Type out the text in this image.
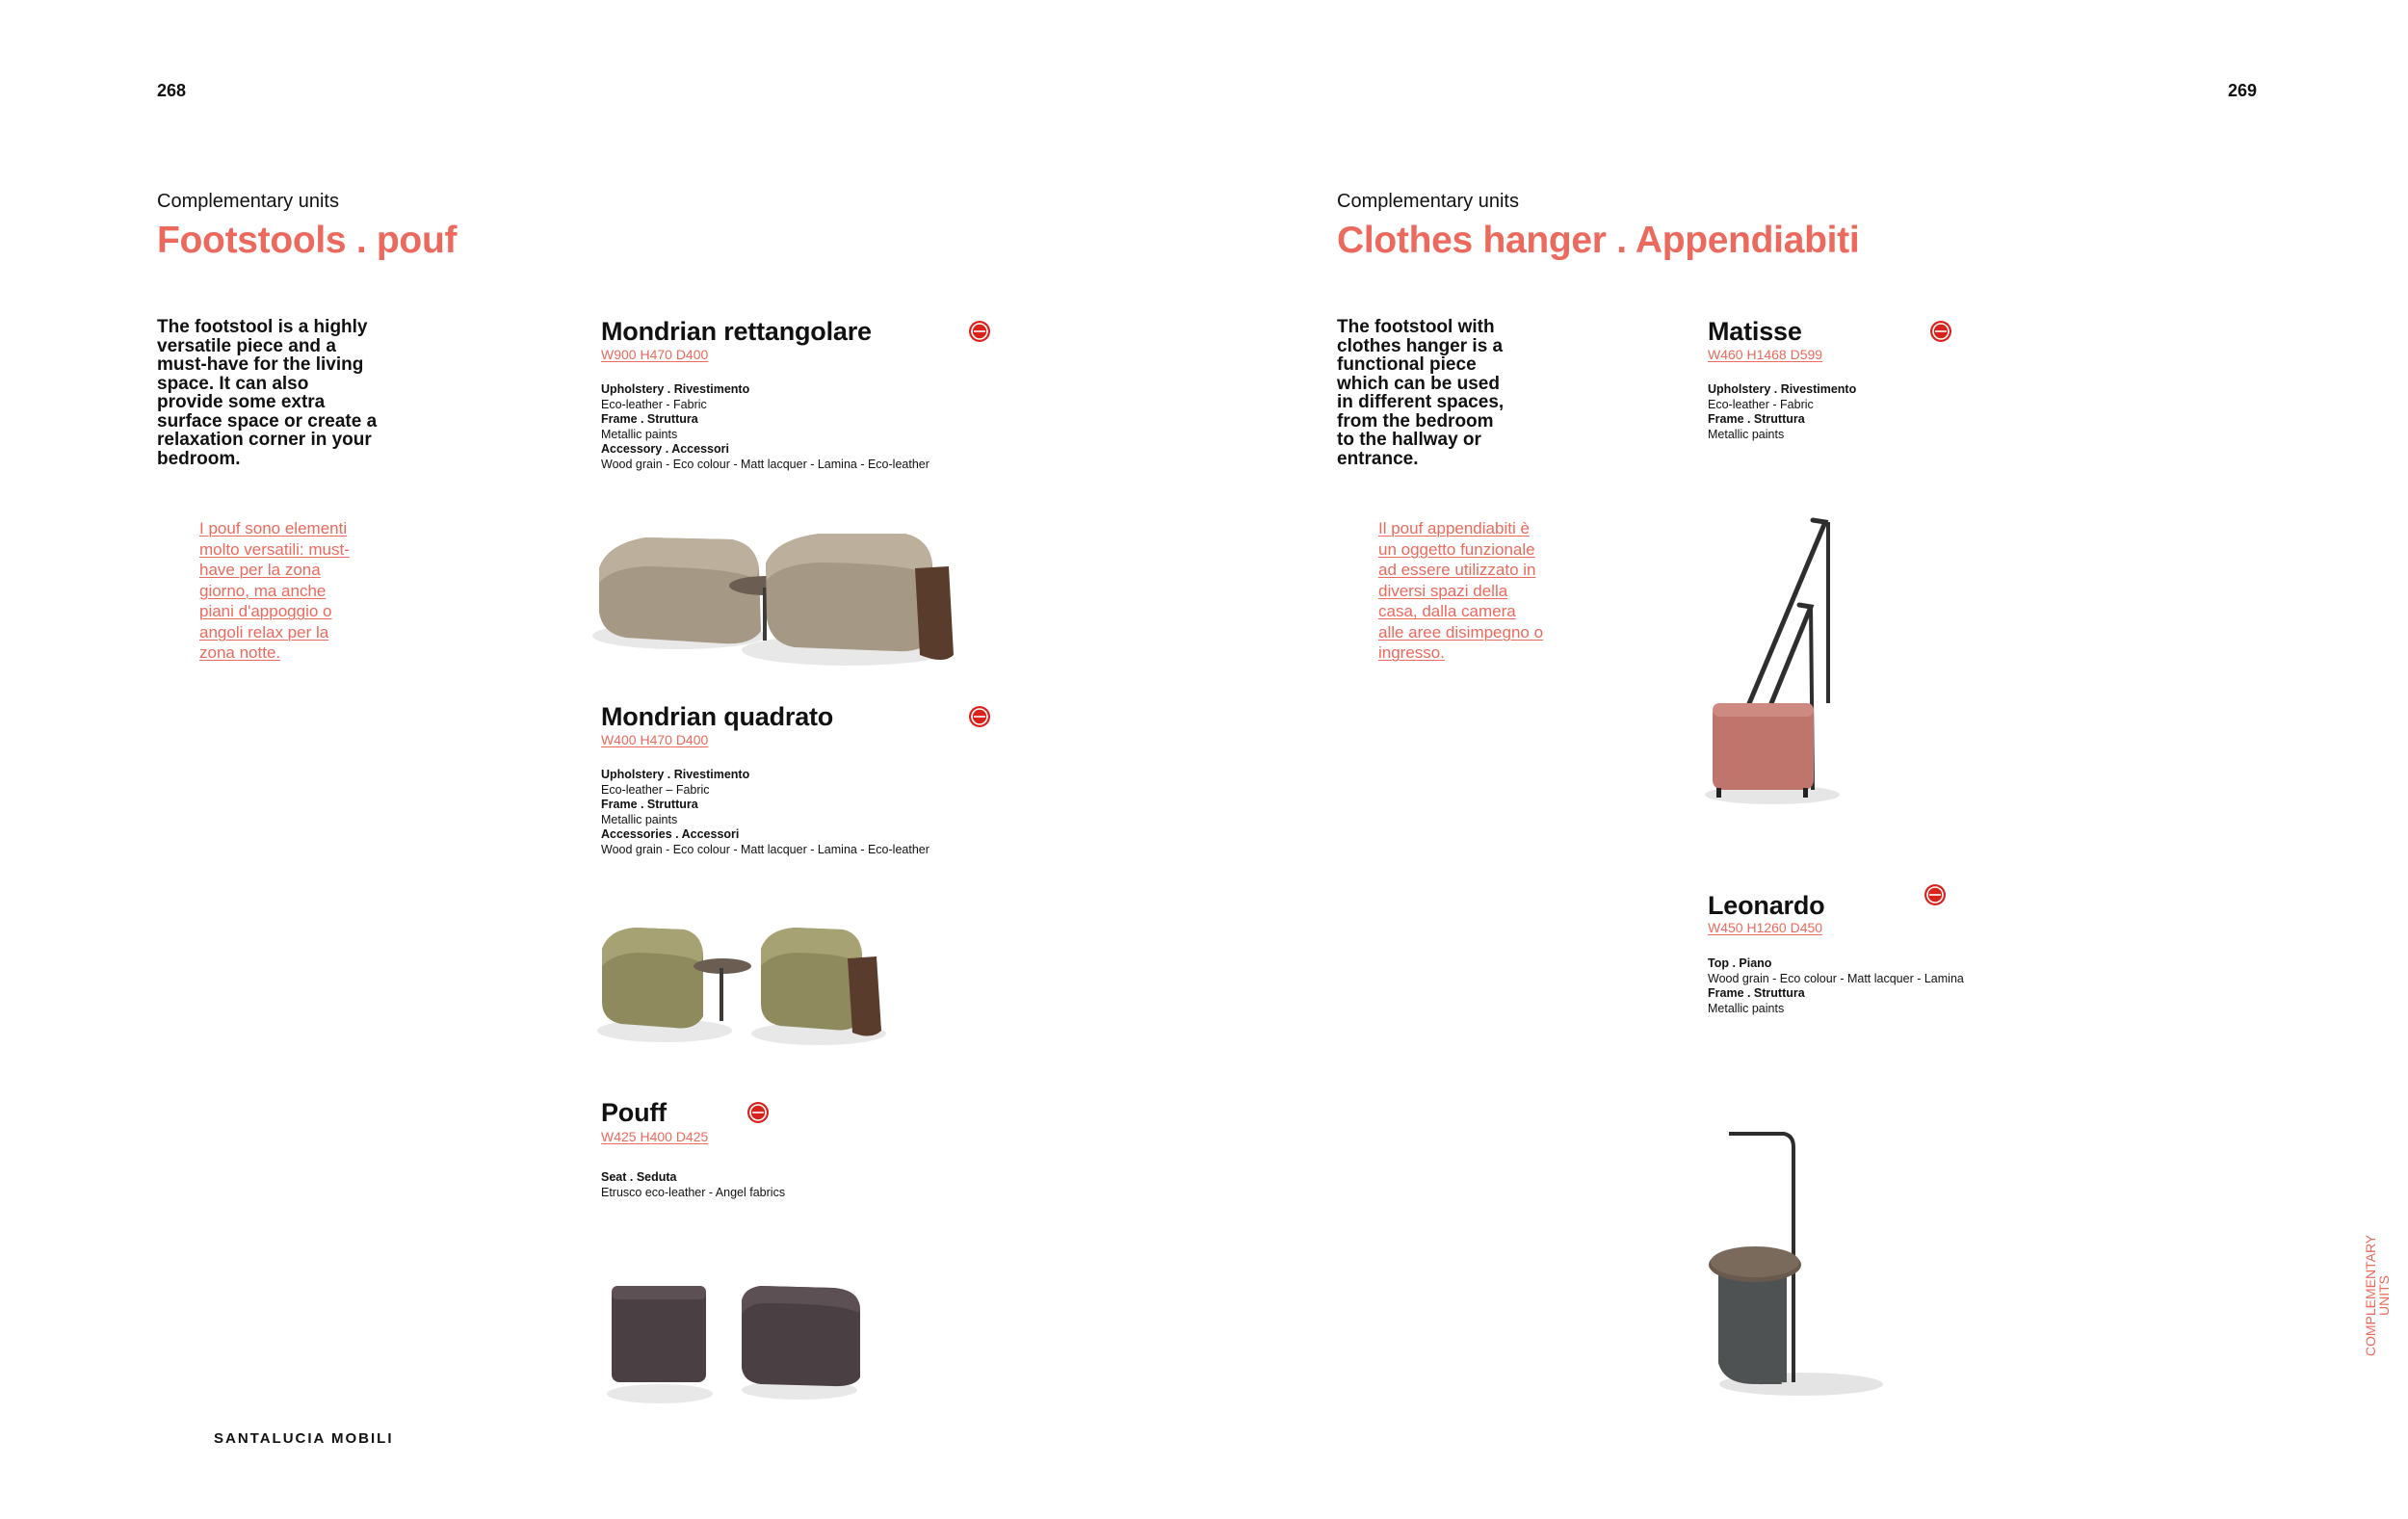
268
Complementary units
Footstools . pouf
The footstool is a highly versatile piece and a must-have for the living space. It can also provide some extra surface space or create a relaxation corner in your bedroom.
I pouf sono elementi molto versatili: must-have per la zona giorno, ma anche piani d'appoggio o angoli relax per la zona notte.
Mondrian rettangolare
W900 H470 D400
Upholstery . Rivestimento
Eco-leather - Fabric
Frame . Struttura
Metallic paints
Accessory . Accessori
Wood grain - Eco colour - Matt lacquer - Lamina - Eco-leather
Mondrian quadrato
W400 H470 D400
Upholstery . Rivestimento
Eco-leather – Fabric
Frame . Struttura
Metallic paints
Accessories . Accessori
Wood grain - Eco colour - Matt lacquer - Lamina - Eco-leather
Pouff
W425 H400 D425
Seat . Seduta
Etrusco eco-leather - Angel fabrics
SANTALUCIA MOBILI
269
Complementary units
Clothes hanger . Appendiabiti
The footstool with clothes hanger is a functional piece which can be used in different spaces, from the bedroom to the hallway or entrance.
Il pouf appendiabiti è un oggetto funzionale ad essere utilizzato in diversi spazi della casa, dalla camera alle aree disimpegno o ingresso.
Matisse
W460 H1468 D599
Upholstery . Rivestimento
Eco-leather - Fabric
Frame . Struttura
Metallic paints
Leonardo
W450 H1260 D450
Top . Piano
Wood grain - Eco colour - Matt lacquer - Lamina
Frame . Struttura
Metallic paints
COMPLEMENTARY UNITS
